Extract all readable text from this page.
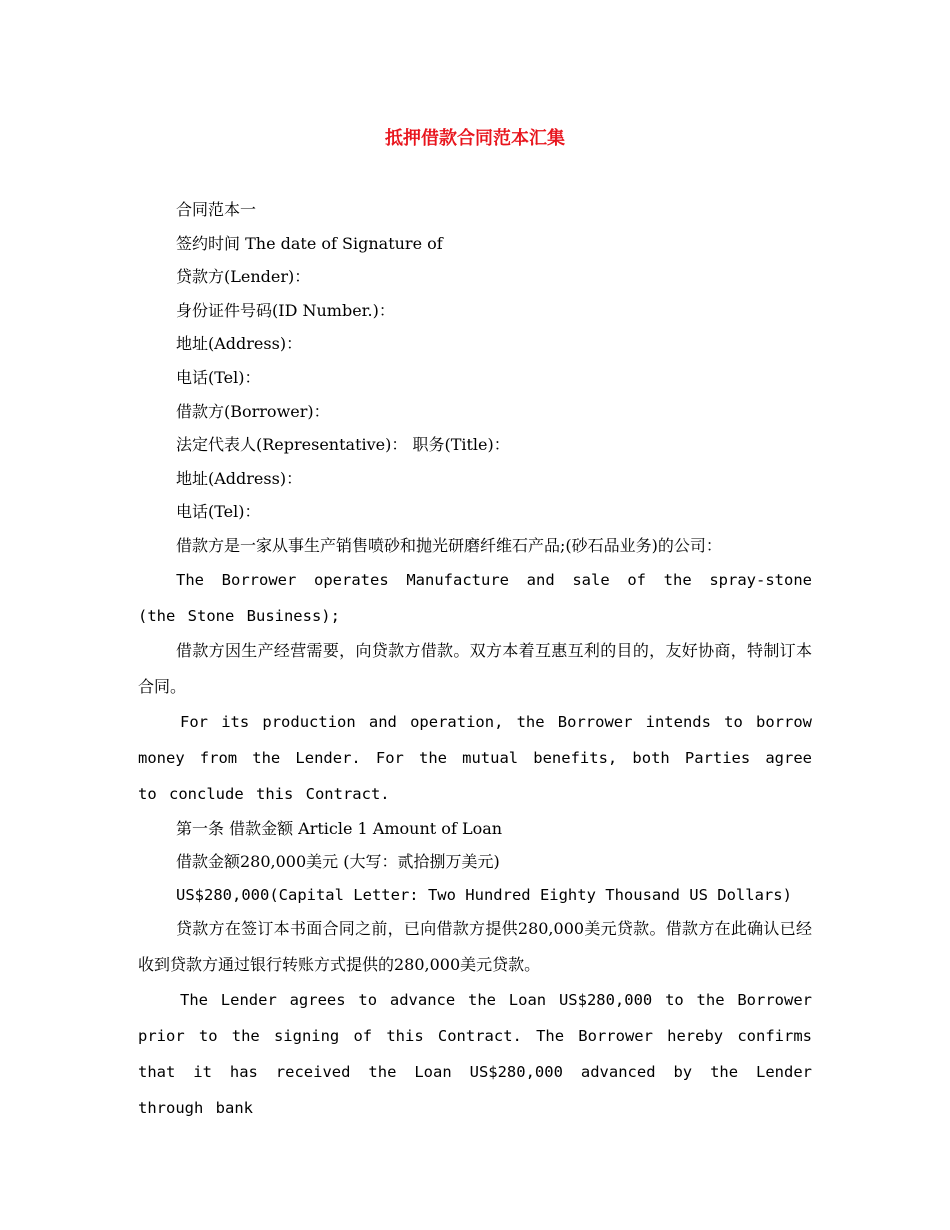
抵押借款合同范本汇集
合同范本一
签约时间 The date of Signature of
贷款方(Lender)：
身份证件号码(ID Number.)：
地址(Address)：
电话(Tel)：
借款方(Borrower)：
法定代表人(Representative)： 职务(Title)：
地址(Address)：
电话(Tel)：
借款方是一家从事生产销售喷砂和抛光研磨纤维石产品;(砂石品业务)的公司：
The Borrower operates Manufacture and sale of the spray-stone (the Stone Business);
借款方因生产经营需要，向贷款方借款。双方本着互惠互利的目的，友好协商，特制订本合同。
For its production and operation, the Borrower intends to borrow money from the Lender. For the mutual benefits, both Parties agree to conclude this Contract.
第一条 借款金额 Article 1 Amount of Loan
借款金额280,000美元 (大写：贰拾捌万美元)
US$280,000(Capital Letter: Two Hundred Eighty Thousand US Dollars)
贷款方在签订本书面合同之前，已向借款方提供280,000美元贷款。借款方在此确认已经收到贷款方通过银行转账方式提供的280,000美元贷款。
The Lender agrees to advance the Loan US$280,000 to the Borrower prior to the signing of this Contract. The Borrower hereby confirms that it has received the Loan US$280,000 advanced by the Lender through bank
